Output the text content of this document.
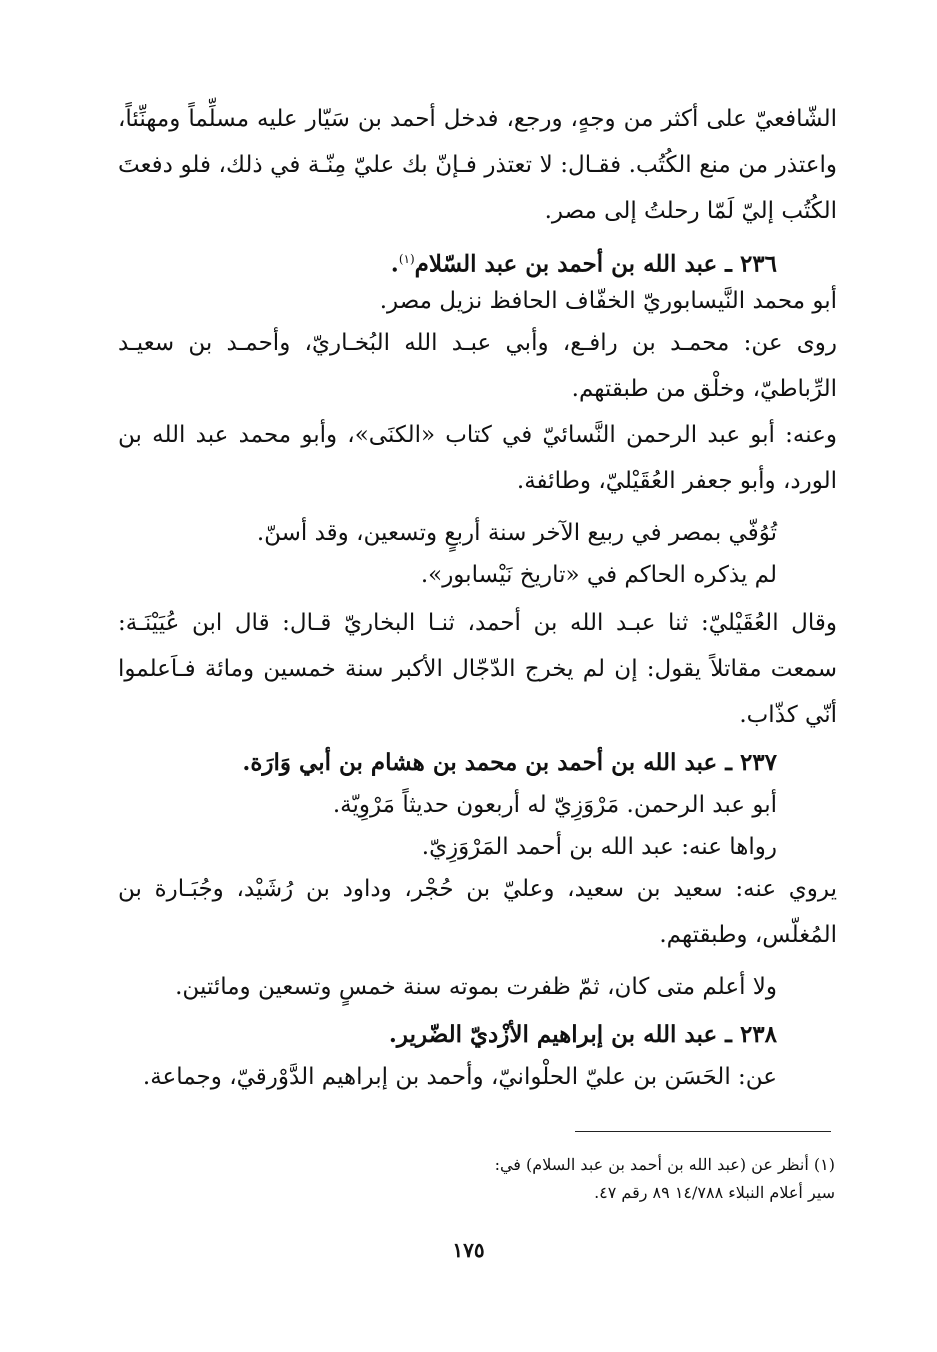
الشّافعيّ على أكثر من وجهٍ، ورجع، فدخل أحمد بن سَيّار عليه مسلِّماً ومهنِّئاً، واعتذر من منع الكُتُب. فقـال: لا تعتذر فـإنّ بك عليّ مِنّـة في ذلك، فلو دفعتَ الكُتُب إليّ لَمّا رحلتُ إلى مصر.

٢٣٦ ـ عبد الله بن أحمد بن عبد السّلام$^{(١)}$.

أبو محمد النَّيسابوريّ الخفّاف الحافظ نزيل مصر.

روى عن: محمـد بن رافـع، وأبي عبـد الله البُخـاريّ، وأحمـد بن سعيـد الرِّباطيّ، وخلْق من طبقتهم.

وعنه: أبو عبد الرحمن النَّسائيّ في كتاب «الكنَى»، وأبو محمد عبد الله بن الورد، وأبو جعفر العُقَيْليّ، وطائفة.

تُوُفّي بمصر في ربيع الآخر سنة أربعٍ وتسعين، وقد أسنّ.

لم يذكره الحاكم في «تاريخ نَيْسابور».

وقال العُقَيْليّ: ثنا عبـد الله بن أحمد، ثنـا البخاريّ قـال: قال ابن عُيَيْنَـة: سمعت مقاتلاً يقول: إن لم يخرج الدّجّال الأكبر سنة خمسين ومائة فـاَعلموا أنّي كذّاب.

٢٣٧ ـ عبد الله بن أحمد بن محمد بن هشام بن أبي وَارَة.

أبو عبد الرحمن. مَرْوَزِيّ له أربعون حديثاً مَرْوِيّة.

رواها عنه: عبد الله بن أحمد المَرْوَزِيّ.

يروي عنه: سعيد بن سعيد، وعليّ بن حُجْر، وداود بن رُشَيْد، وجُبَـارة بن المُغلّس، وطبقتهم.

ولا أعلم متى كان، ثمّ ظفرت بموته سنة خمسٍ وتسعين ومائتين.

٢٣٨ ـ عبد الله بن إبراهيم الأزْديّ الضّرير.

عن: الحَسَن بن عليّ الحلْوانيّ، وأحمد بن إبراهيم الدَّوْرقيّ، وجماعة.

(١) أنظر عن (عبد الله بن أحمد بن عبد السلام) في:
سير أعلام النبلاء ١٤/٧٨٨ ٨٩ رقم ٤٧.
١٧٥
